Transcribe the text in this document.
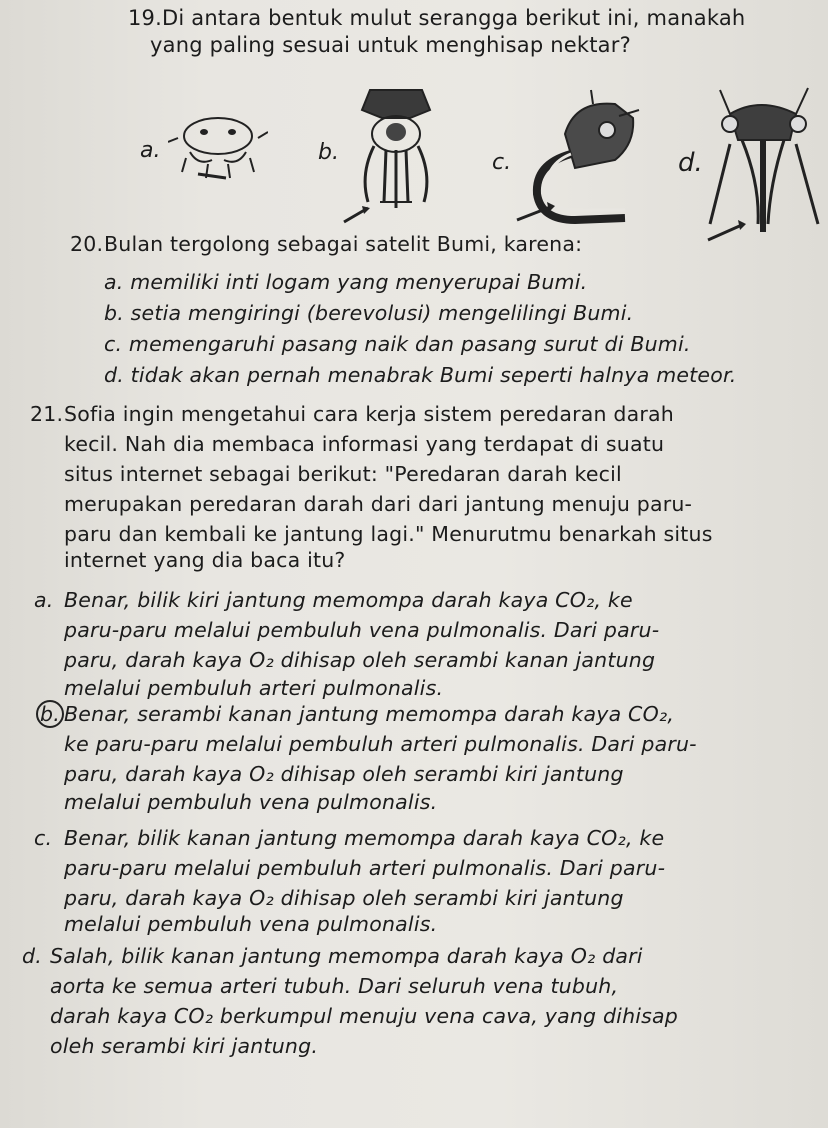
19. Di antara bentuk mulut serangga berikut ini, manakah
yang paling sesuai untuk menghisap nektar?
a.	b.	c.	d.
20. Bulan tergolong sebagai satelit Bumi, karena:
a. memiliki inti logam yang menyerupai Bumi.
b. setia mengiringi (berevolusi) mengelilingi Bumi.
c. memengaruhi pasang naik dan pasang surut di Bumi.
d. tidak akan pernah menabrak Bumi seperti halnya meteor.
21. Sofia ingin mengetahui cara kerja sistem peredaran darah
kecil. Nah dia membaca informasi yang terdapat di suatu
situs internet sebagai berikut: "Peredaran darah kecil
merupakan peredaran darah dari dari jantung menuju paru-
paru dan kembali ke jantung lagi." Menurutmu benarkah situs
internet yang dia baca itu?
a. Benar, bilik kiri jantung memompa darah kaya CO₂, ke
paru-paru melalui pembuluh vena pulmonalis. Dari paru-
paru, darah kaya O₂ dihisap oleh serambi kanan jantung
melalui pembuluh arteri pulmonalis.
b. Benar, serambi kanan jantung memompa darah kaya CO₂,
ke paru-paru melalui pembuluh arteri pulmonalis. Dari paru-
paru, darah kaya O₂ dihisap oleh serambi kiri jantung
melalui pembuluh vena pulmonalis.
c. Benar, bilik kanan jantung memompa darah kaya CO₂, ke
paru-paru melalui pembuluh arteri pulmonalis. Dari paru-
paru, darah kaya O₂ dihisap oleh serambi kiri jantung
melalui pembuluh vena pulmonalis.
d. Salah, bilik kanan jantung memompa darah kaya O₂ dari
aorta ke semua arteri tubuh. Dari seluruh vena tubuh,
darah kaya CO₂ berkumpul menuju vena cava, yang dihisap
oleh serambi kiri jantung.
